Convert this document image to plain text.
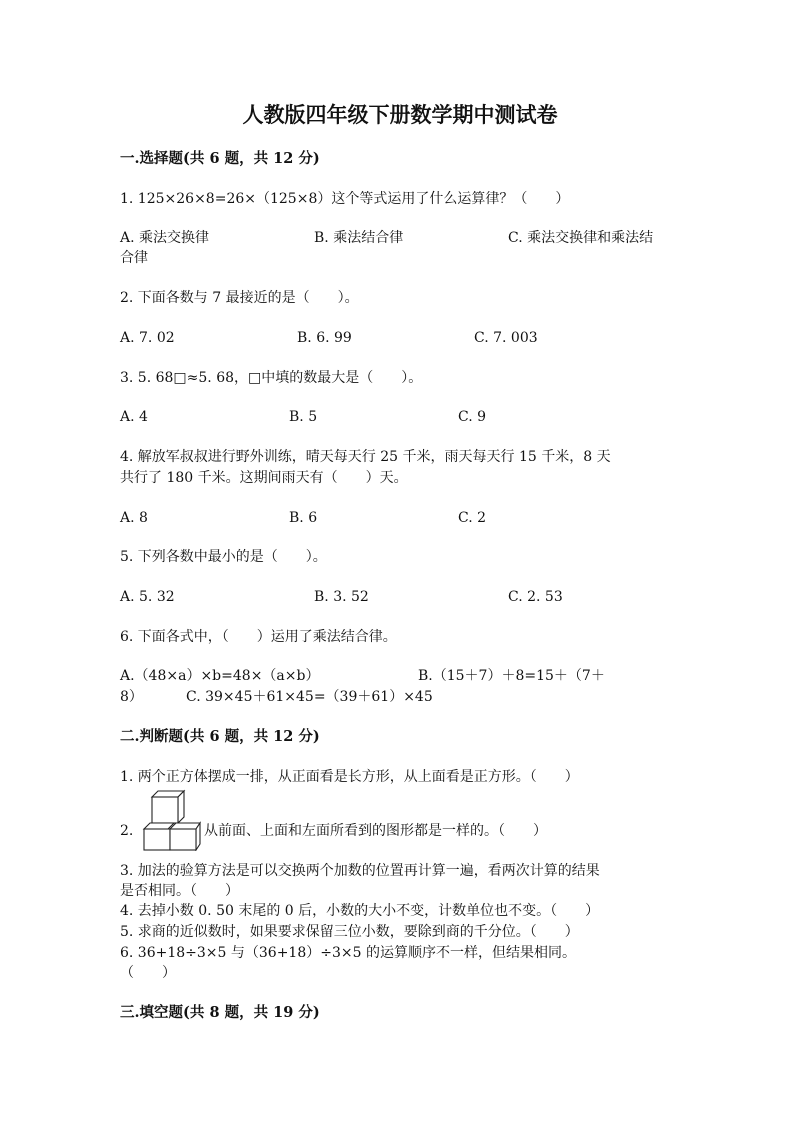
人教版四年级下册数学期中测试卷
一.选择题(共 6 题，共 12 分)
1. 125×26×8=26×（125×8）这个等式运用了什么运算律？（　　）
A. 乘法交换律	B. 乘法结合律	C. 乘法交换律和乘法结
合律
2. 下面各数与 7 最接近的是（　　）。
A. 7. 02	B. 6. 99	C. 7. 003
3. 5. 68□≈5. 68，□中填的数最大是（　　）。
A. 4	B. 5	C. 9
4. 解放军叔叔进行野外训练，晴天每天行 25 千米，雨天每天行 15 千米，8 天
共行了 180 千米。这期间雨天有（　　）天。
A. 8	B. 6	C. 2
5. 下列各数中最小的是（　　）。
A. 5. 32	B. 3. 52	C. 2. 53
6. 下面各式中，（　　）运用了乘法结合律。
A.（48×a）×b=48×（a×b）	B.（15＋7）＋8=15＋（7＋
8）	C. 39×45＋61×45=（39＋61）×45
二.判断题(共 6 题，共 12 分)
1. 两个正方体摆成一排，从正面看是长方形，从上面看是正方形。（　　）
2.	从前面、上面和左面所看到的图形都是一样的。（　　）
3. 加法的验算方法是可以交换两个加数的位置再计算一遍，看两次计算的结果
是否相同。（　　）
4. 去掉小数 0. 50 末尾的 0 后，小数的大小不变，计数单位也不变。（　　）
5. 求商的近似数时，如果要求保留三位小数，要除到商的千分位。（　　）
6. 36+18÷3×5 与（36+18）÷3×5 的运算顺序不一样，但结果相同。
（　　）
三.填空题(共 8 题，共 19 分)
